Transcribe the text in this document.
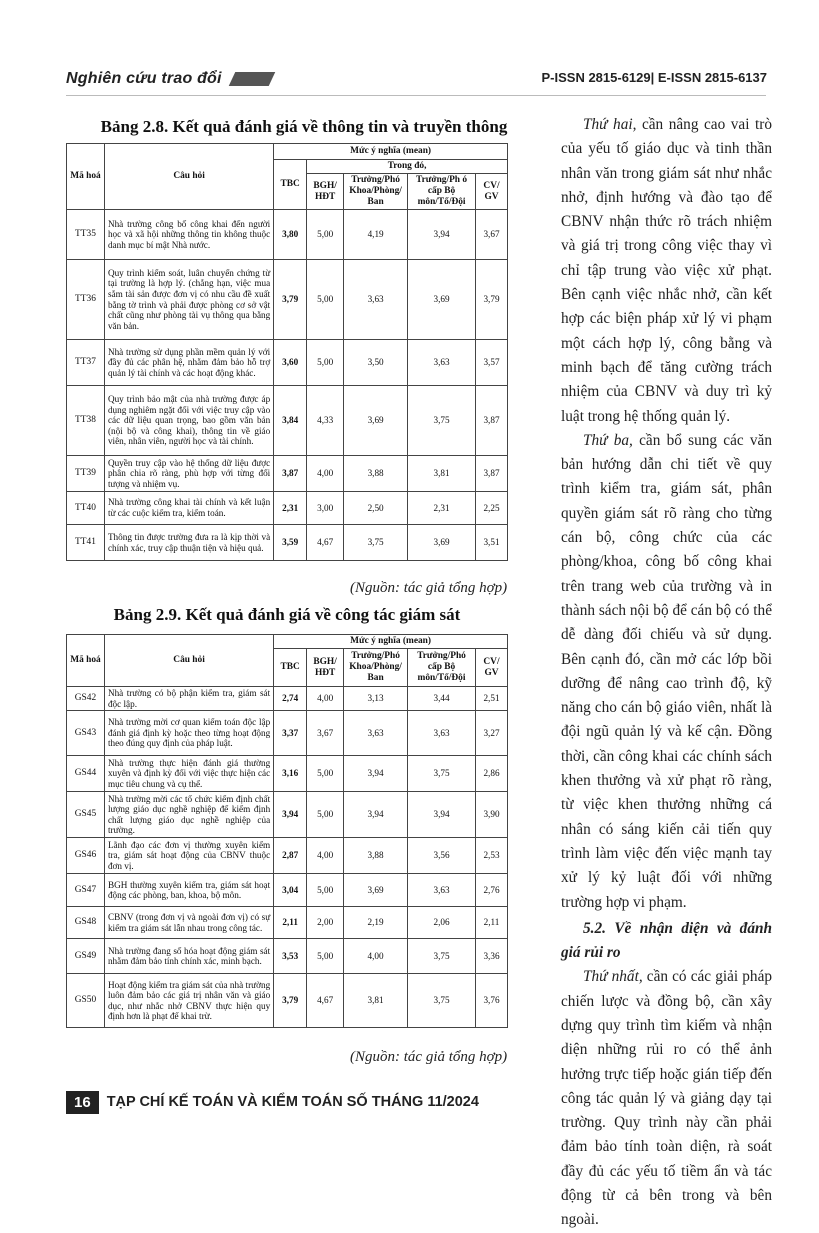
Nghiên cứu trao đổi	P-ISSN 2815-6129| E-ISSN 2815-6137
Bảng 2.8. Kết quả đánh giá về thông tin và truyền thông
Mã hoá	Câu hỏi	Mức ý nghĩa (mean)				
		TBC	Trong đó,			
			BGH/ HĐT	Trưởng/Phó Khoa/Phòng/ Ban	Trưởng/Ph ó cấp Bộ môn/Tổ/Đội	CV/ GV
TT35	Nhà trường công bố công khai đến người học và xã hội những thông tin không thuộc danh mục bí mật Nhà nước.	3,80	5,00	4,19	3,94	3,67
TT36	Quy trình kiểm soát, luân chuyển chứng từ tại trường là hợp lý. (chẳng hạn, việc mua sắm tài sản được đơn vị có nhu cầu đề xuất bằng tờ trình và phải được phòng cơ sở vật chất cũng như phòng tài vụ thông qua bằng văn bản.	3,79	5,00	3,63	3,69	3,79
TT37	Nhà trường sử dụng phần mềm quản lý với đầy đủ các phân hệ, nhằm đảm bảo hỗ trợ quản lý tài chính và các hoạt động khác.	3,60	5,00	3,50	3,63	3,57
TT38	Quy trình bảo mật của nhà trường được áp dụng nghiêm ngặt đối với việc truy cập vào các dữ liệu quan trọng, bao gồm văn bản (nội bộ và công khai), thông tin về giáo viên, nhân viên, người học và tài chính.	3,84	4,33	3,69	3,75	3,87
TT39	Quyền truy cập vào hệ thống dữ liệu được phân chia rõ ràng, phù hợp với từng đối tượng và nhiệm vụ.	3,87	4,00	3,88	3,81	3,87
TT40	Nhà trường công khai tài chính và kết luận từ các cuộc kiểm tra, kiểm toán.	2,31	3,00	2,50	2,31	2,25
TT41	Thông tin được trường đưa ra là kịp thời và chính xác, truy cập thuận tiện và hiệu quả.	3,59	4,67	3,75	3,69	3,51
(Nguồn: tác giả tổng hợp)
Bảng 2.9. Kết quả đánh giá về công tác giám sát
Mã hoá	Câu hỏi	Mức ý nghĩa (mean)				
		TBC	BGH/ HĐT	Trưởng/Phó Khoa/Phòng/ Ban	Trưởng/Phó cấp Bộ môn/Tổ/Đội	CV/ GV
GS42	Nhà trường có bộ phận kiểm tra, giám sát độc lập.	2,74	4,00	3,13	3,44	2,51
GS43	Nhà trường mời cơ quan kiểm toán độc lập đánh giá định kỳ hoặc theo từng hoạt động theo đúng quy định của pháp luật.	3,37	3,67	3,63	3,63	3,27
GS44	Nhà trường thực hiện đánh giá thường xuyên và định kỳ đối với việc thực hiện các mục tiêu chung và cụ thể.	3,16	5,00	3,94	3,75	2,86
GS45	Nhà trường mời các tổ chức kiểm định chất lượng giáo dục nghề nghiệp để kiểm định chất lượng giáo dục nghề nghiệp của trường.	3,94	5,00	3,94	3,94	3,90
GS46	Lãnh đạo các đơn vị thường xuyên kiểm tra, giám sát hoạt động của CBNV thuộc đơn vị.	2,87	4,00	3,88	3,56	2,53
GS47	BGH thường xuyên kiểm tra, giám sát hoạt động các phòng, ban, khoa, bộ môn.	3,04	5,00	3,69	3,63	2,76
GS48	CBNV (trong đơn vị và ngoài đơn vị) có sự kiểm tra giám sát lẫn nhau trong công tác.	2,11	2,00	2,19	2,06	2,11
GS49	Nhà trường đang số hóa hoạt động giám sát nhằm đảm bảo tính chính xác, minh bạch.	3,53	5,00	4,00	3,75	3,36
GS50	Hoạt động kiểm tra giám sát của nhà trường luôn đảm bảo các giá trị nhân văn và giáo dục, như nhắc nhở CBNV thực hiện quy định hơn là phạt để khai trừ.	3,79	4,67	3,81	3,75	3,76
(Nguồn: tác giả tổng hợp)

Thứ hai, cần nâng cao vai trò của yếu tố giáo dục và tinh thần nhân văn trong giám sát như nhắc nhở, định hướng và đào tạo để CBNV nhận thức rõ trách nhiệm và giá trị trong công việc thay vì chỉ tập trung vào việc xử phạt. Bên cạnh việc nhắc nhở, cần kết hợp các biện pháp xử lý vi phạm một cách hợp lý, công bằng và minh bạch để tăng cường trách nhiệm của CBNV và duy trì kỷ luật trong hệ thống quản lý.

Thứ ba, cần bổ sung các văn bản hướng dẫn chi tiết về quy trình kiểm tra, giám sát, phân quyền giám sát rõ ràng cho từng cán bộ, công chức của các phòng/khoa, công bố công khai trên trang web của trường và in thành sách nội bộ để cán bộ có thể dễ dàng đối chiếu và sử dụng. Bên cạnh đó, cần mở các lớp bồi dưỡng để nâng cao trình độ, kỹ năng cho cán bộ giáo viên, nhất là đội ngũ quản lý và kế cận. Đồng thời, cần công khai các chính sách khen thưởng và xử phạt rõ ràng, từ việc khen thưởng những cá nhân có sáng kiến cải tiến quy trình làm việc đến việc mạnh tay xử lý kỷ luật đối với những trường hợp vi phạm.

5.2. Về nhận diện và đánh giá rủi ro

Thứ nhất, cần có các giải pháp chiến lược và đồng bộ, cần xây dựng quy trình tìm kiếm và nhận diện những rủi ro có thể ảnh hưởng trực tiếp hoặc gián tiếp đến công tác quản lý và giảng dạy tại trường. Quy trình này cần phải đảm bảo tính toàn diện, rà soát đầy đủ các yếu tố tiềm ẩn và tác động từ cả bên trong và bên ngoài.

16	TẠP CHÍ KẾ TOÁN VÀ KIỂM TOÁN SỐ THÁNG 11/2024
